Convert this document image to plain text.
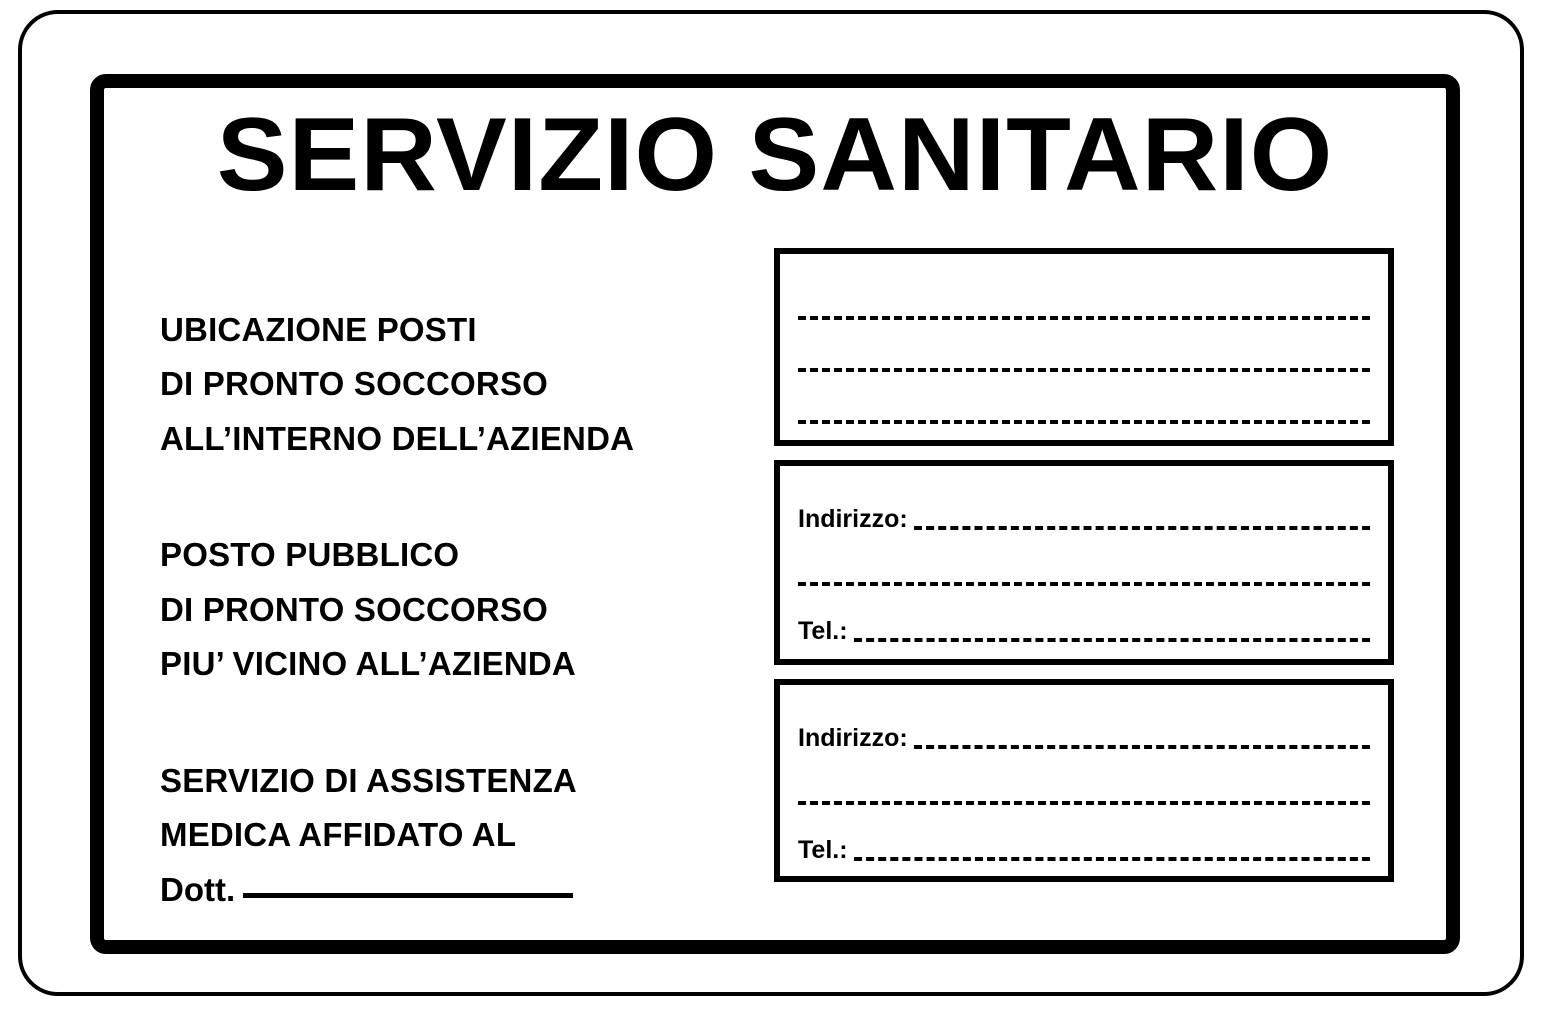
SERVIZIO SANITARIO
UBICAZIONE POSTI
DI PRONTO SOCCORSO
ALL’INTERNO DELL’AZIENDA
POSTO PUBBLICO
DI PRONTO SOCCORSO
PIU’ VICINO ALL’AZIENDA
SERVIZIO DI ASSISTENZA
MEDICA AFFIDATO AL
Dott.
Indirizzo:
Tel.:
Indirizzo:
Tel.:
